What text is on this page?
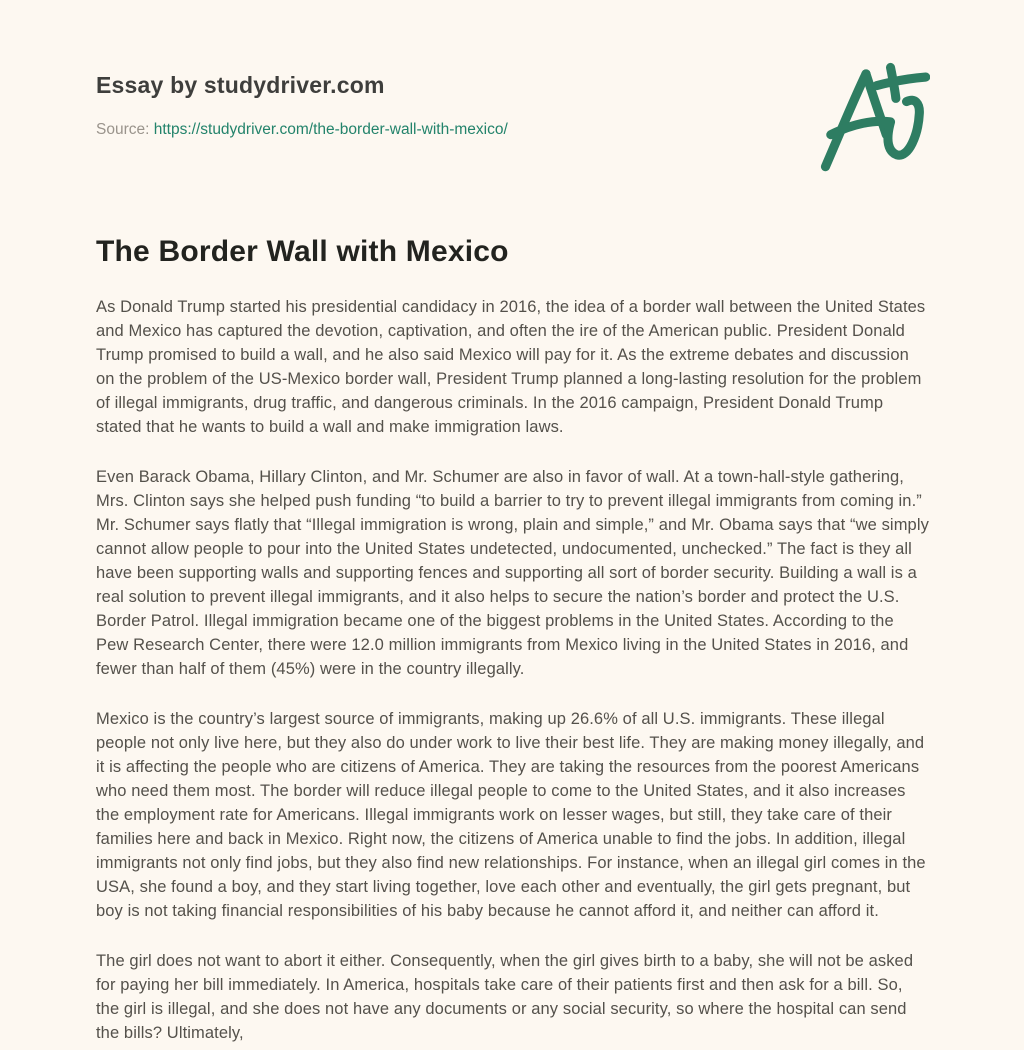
Essay by studydriver.com
Source: https://studydriver.com/the-border-wall-with-mexico/
The Border Wall with Mexico

As Donald Trump started his presidential candidacy in 2016, the idea of a border wall between the United States and Mexico has captured the devotion, captivation, and often the ire of the American public. President Donald Trump promised to build a wall, and he also said Mexico will pay for it. As the extreme debates and discussion on the problem of the US-Mexico border wall, President Trump planned a long-lasting resolution for the problem of illegal immigrants, drug traffic, and dangerous criminals. In the 2016 campaign, President Donald Trump stated that he wants to build a wall and make immigration laws.

Even Barack Obama, Hillary Clinton, and Mr. Schumer are also in favor of wall. At a town-hall-style gathering, Mrs. Clinton says she helped push funding “to build a barrier to try to prevent illegal immigrants from coming in.” Mr. Schumer says flatly that “Illegal immigration is wrong, plain and simple,” and Mr. Obama says that “we simply cannot allow people to pour into the United States undetected, undocumented, unchecked.” The fact is they all have been supporting walls and supporting fences and supporting all sort of border security. Building a wall is a real solution to prevent illegal immigrants, and it also helps to secure the nation’s border and protect the U.S. Border Patrol. Illegal immigration became one of the biggest problems in the United States. According to the Pew Research Center, there were 12.0 million immigrants from Mexico living in the United States in 2016, and fewer than half of them (45%) were in the country illegally.

Mexico is the country’s largest source of immigrants, making up 26.6% of all U.S. immigrants. These illegal people not only live here, but they also do under work to live their best life. They are making money illegally, and it is affecting the people who are citizens of America. They are taking the resources from the poorest Americans who need them most. The border will reduce illegal people to come to the United States, and it also increases the employment rate for Americans. Illegal immigrants work on lesser wages, but still, they take care of their families here and back in Mexico. Right now, the citizens of America unable to find the jobs. In addition, illegal immigrants not only find jobs, but they also find new relationships. For instance, when an illegal girl comes in the USA, she found a boy, and they start living together, love each other and eventually, the girl gets pregnant, but boy is not taking financial responsibilities of his baby because he cannot afford it, and neither can afford it.

The girl does not want to abort it either. Consequently, when the girl gives birth to a baby, she will not be asked for paying her bill immediately. In America, hospitals take care of their patients first and then ask for a bill. So, the girl is illegal, and she does not have any documents or any social security, so where the hospital can send the bills? Ultimately,
